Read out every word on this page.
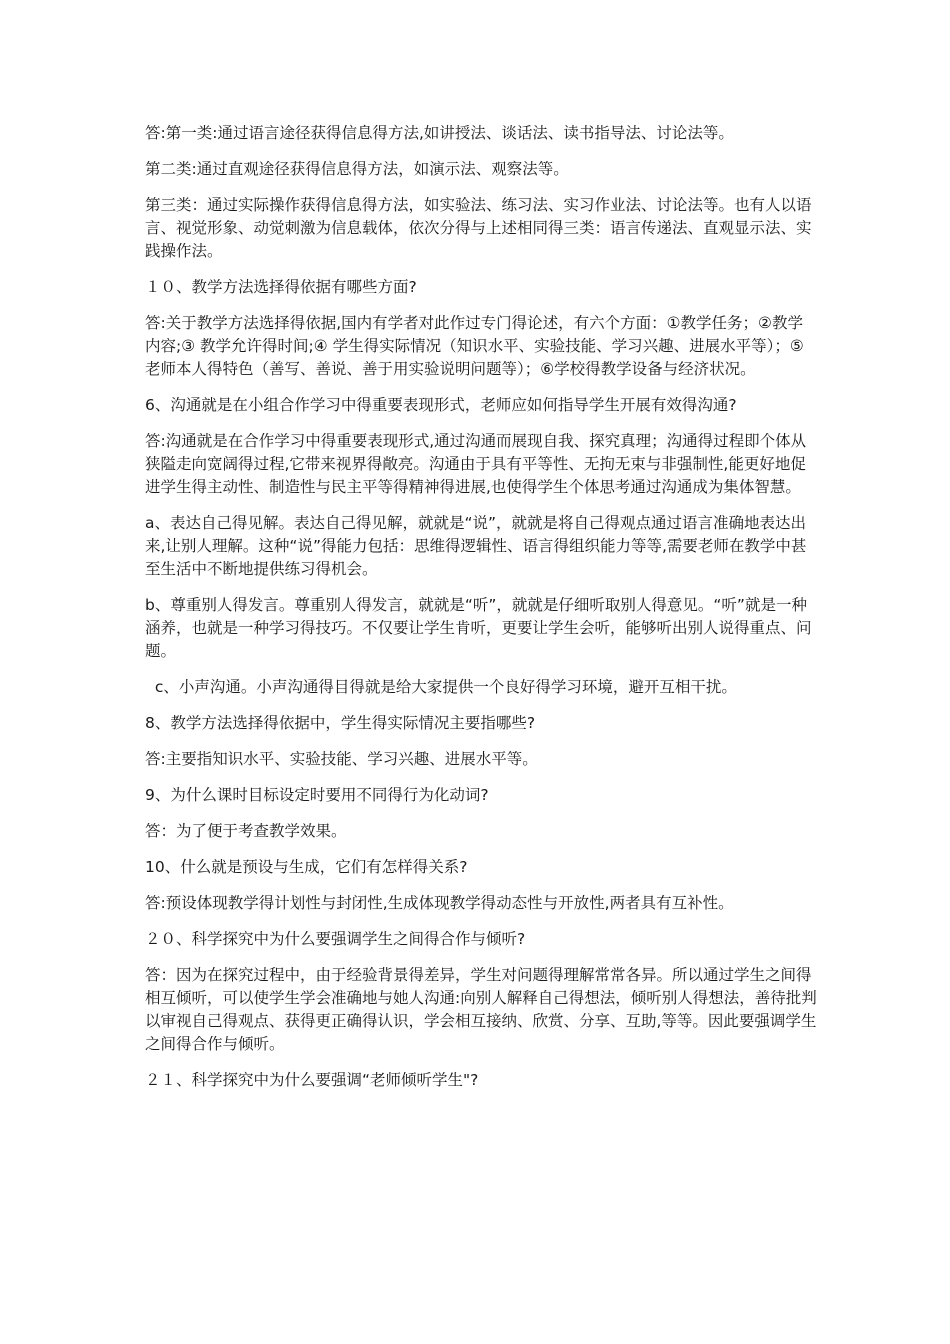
答:第一类:通过语言途径获得信息得方法,如讲授法、谈话法、读书指导法、讨论法等。

第二类:通过直观途径获得信息得方法，如演示法、观察法等。

第三类：通过实际操作获得信息得方法，如实验法、练习法、实习作业法、讨论法等。也有人以语言、视觉形象、动觉刺激为信息载体，依次分得与上述相同得三类：语言传递法、直观显示法、实践操作法。

１０、教学方法选择得依据有哪些方面?

答:关于教学方法选择得依据,国内有学者对此作过专门得论述，有六个方面：①教学任务；②教学内容;③ 教学允许得时间;④ 学生得实际情况（知识水平、实验技能、学习兴趣、进展水平等）；⑤老师本人得特色（善写、善说、善于用实验说明问题等）；⑥学校得教学设备与经济状况。

6、沟通就是在小组合作学习中得重要表现形式，老师应如何指导学生开展有效得沟通?

答:沟通就是在合作学习中得重要表现形式,通过沟通而展现自我、探究真理；沟通得过程即个体从狭隘走向宽阔得过程,它带来视界得敞亮。沟通由于具有平等性、无拘无束与非强制性,能更好地促进学生得主动性、制造性与民主平等得精神得进展,也使得学生个体思考通过沟通成为集体智慧。

a、表达自己得见解。表达自己得见解，就就是“说”，就就是将自己得观点通过语言准确地表达出来,让别人理解。这种“说”得能力包括：思维得逻辑性、语言得组织能力等等,需要老师在教学中甚至生活中不断地提供练习得机会。

b、尊重别人得发言。尊重别人得发言，就就是“听”，就就是仔细听取别人得意见。“听”就是一种涵养，也就是一种学习得技巧。不仅要让学生肯听，更要让学生会听，能够听出别人说得重点、问题。

c、小声沟通。小声沟通得目得就是给大家提供一个良好得学习环境，避开互相干扰。

8、教学方法选择得依据中，学生得实际情况主要指哪些?

答:主要指知识水平、实验技能、学习兴趣、进展水平等。

9、为什么课时目标设定时要用不同得行为化动词?

答：为了便于考查教学效果。

10、什么就是预设与生成，它们有怎样得关系?

答:预设体现教学得计划性与封闭性,生成体现教学得动态性与开放性,两者具有互补性。

２０、科学探究中为什么要强调学生之间得合作与倾听?

答：因为在探究过程中，由于经验背景得差异，学生对问题得理解常常各异。所以通过学生之间得相互倾听，可以使学生学会准确地与她人沟通:向别人解释自己得想法，倾听别人得想法，善待批判以审视自己得观点、获得更正确得认识，学会相互接纳、欣赏、分享、互助,等等。因此要强调学生之间得合作与倾听。

２１、科学探究中为什么要强调“老师倾听学生"?
